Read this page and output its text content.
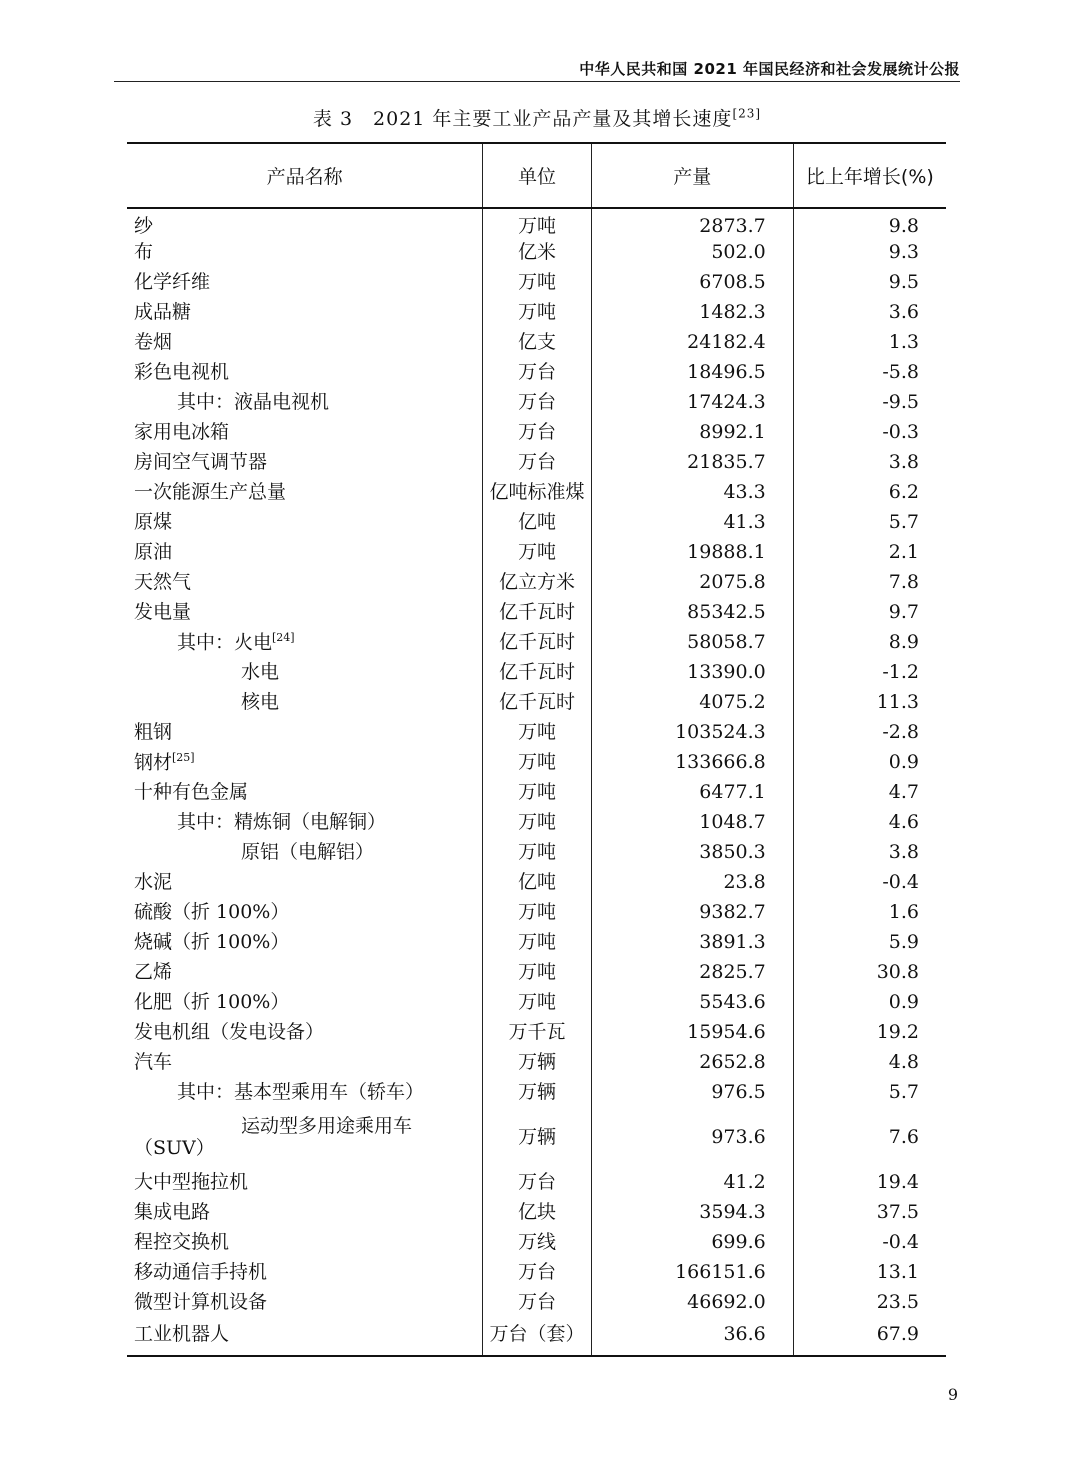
中华人民共和国 2021 年国民经济和社会发展统计公报
表 3　2021 年主要工业产品产量及其增长速度[23]
产品名称	单位	产量	比上年增长(%)
纱	万吨	2873.7	9.8
布	亿米	502.0	9.3
化学纤维	万吨	6708.5	9.5
成品糖	万吨	1482.3	3.6
卷烟	亿支	24182.4	1.3
彩色电视机	万台	18496.5	-5.8
其中：液晶电视机	万台	17424.3	-9.5
家用电冰箱	万台	8992.1	-0.3
房间空气调节器	万台	21835.7	3.8
一次能源生产总量	亿吨标准煤	43.3	6.2
原煤	亿吨	41.3	5.7
原油	万吨	19888.1	2.1
天然气	亿立方米	2075.8	7.8
发电量	亿千瓦时	85342.5	9.7
其中：火电[24]	亿千瓦时	58058.7	8.9
水电	亿千瓦时	13390.0	-1.2
核电	亿千瓦时	4075.2	11.3
粗钢	万吨	103524.3	-2.8
钢材[25]	万吨	133666.8	0.9
十种有色金属	万吨	6477.1	4.7
其中：精炼铜（电解铜）	万吨	1048.7	4.6
原铝（电解铝）	万吨	3850.3	3.8
水泥	亿吨	23.8	-0.4
硫酸（折 100%）	万吨	9382.7	1.6
烧碱（折 100%）	万吨	3891.3	5.9
乙烯	万吨	2825.7	30.8
化肥（折 100%）	万吨	5543.6	0.9
发电机组（发电设备）	万千瓦	15954.6	19.2
汽车	万辆	2652.8	4.8
其中：基本型乘用车（轿车）	万辆	976.5	5.7

运动型多用途乘用车
（SUV）	万辆	973.6	7.6
大中型拖拉机	万台	41.2	19.4
集成电路	亿块	3594.3	37.5
程控交换机	万线	699.6	-0.4
移动通信手持机	万台	166151.6	13.1
微型计算机设备	万台	46692.0	23.5
工业机器人	万台（套）	36.6	67.9
9
